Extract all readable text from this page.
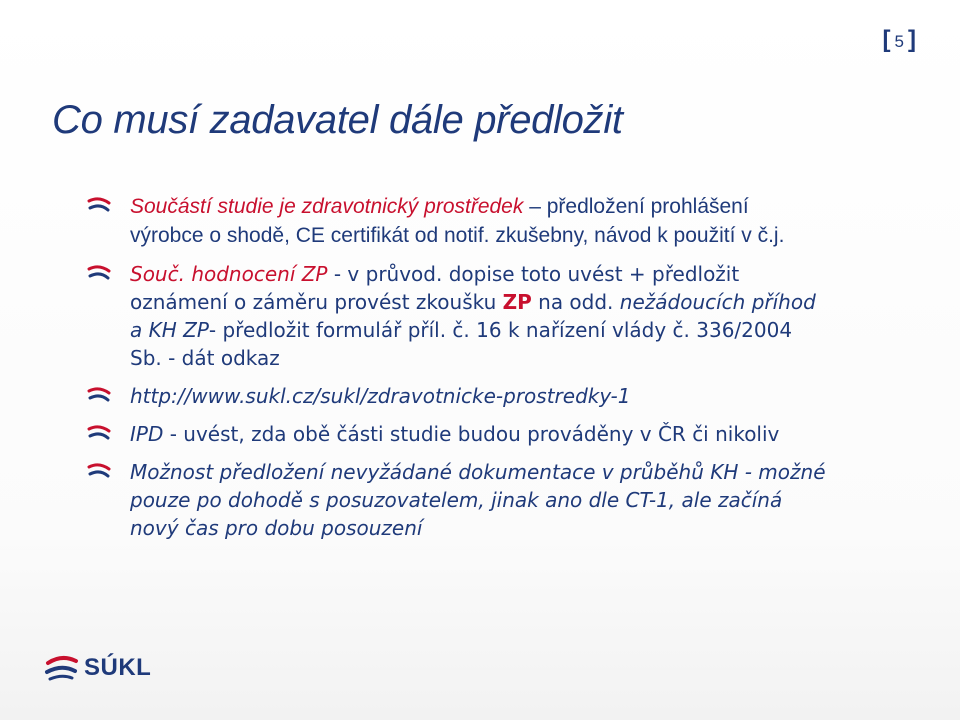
[ 5 ]
Co musí zadavatel dále předložit
Součástí studie je zdravotnický prostředek – předložení prohlášení výrobce o shodě, CE certifikát od notif. zkušebny, návod k použití v č.j.
Souč. hodnocení ZP - v průvod. dopise toto uvést + předložit oznámení o záměru provést zkoušku ZP na odd. nežádoucích příhod a KH ZP- předložit formulář příl. č. 16 k nařízení vlády č. 336/2004 Sb. - dát odkaz
http://www.sukl.cz/sukl/zdravotnicke-prostredky-1
IPD - uvést, zda obě části studie budou prováděny v ČR či nikoliv
Možnost předložení nevyžádané dokumentace v průběhů KH - možné pouze po dohodě s posuzovatelem, jinak ano dle CT-1, ale začíná nový čas pro dobu posouzení
SÚKL
